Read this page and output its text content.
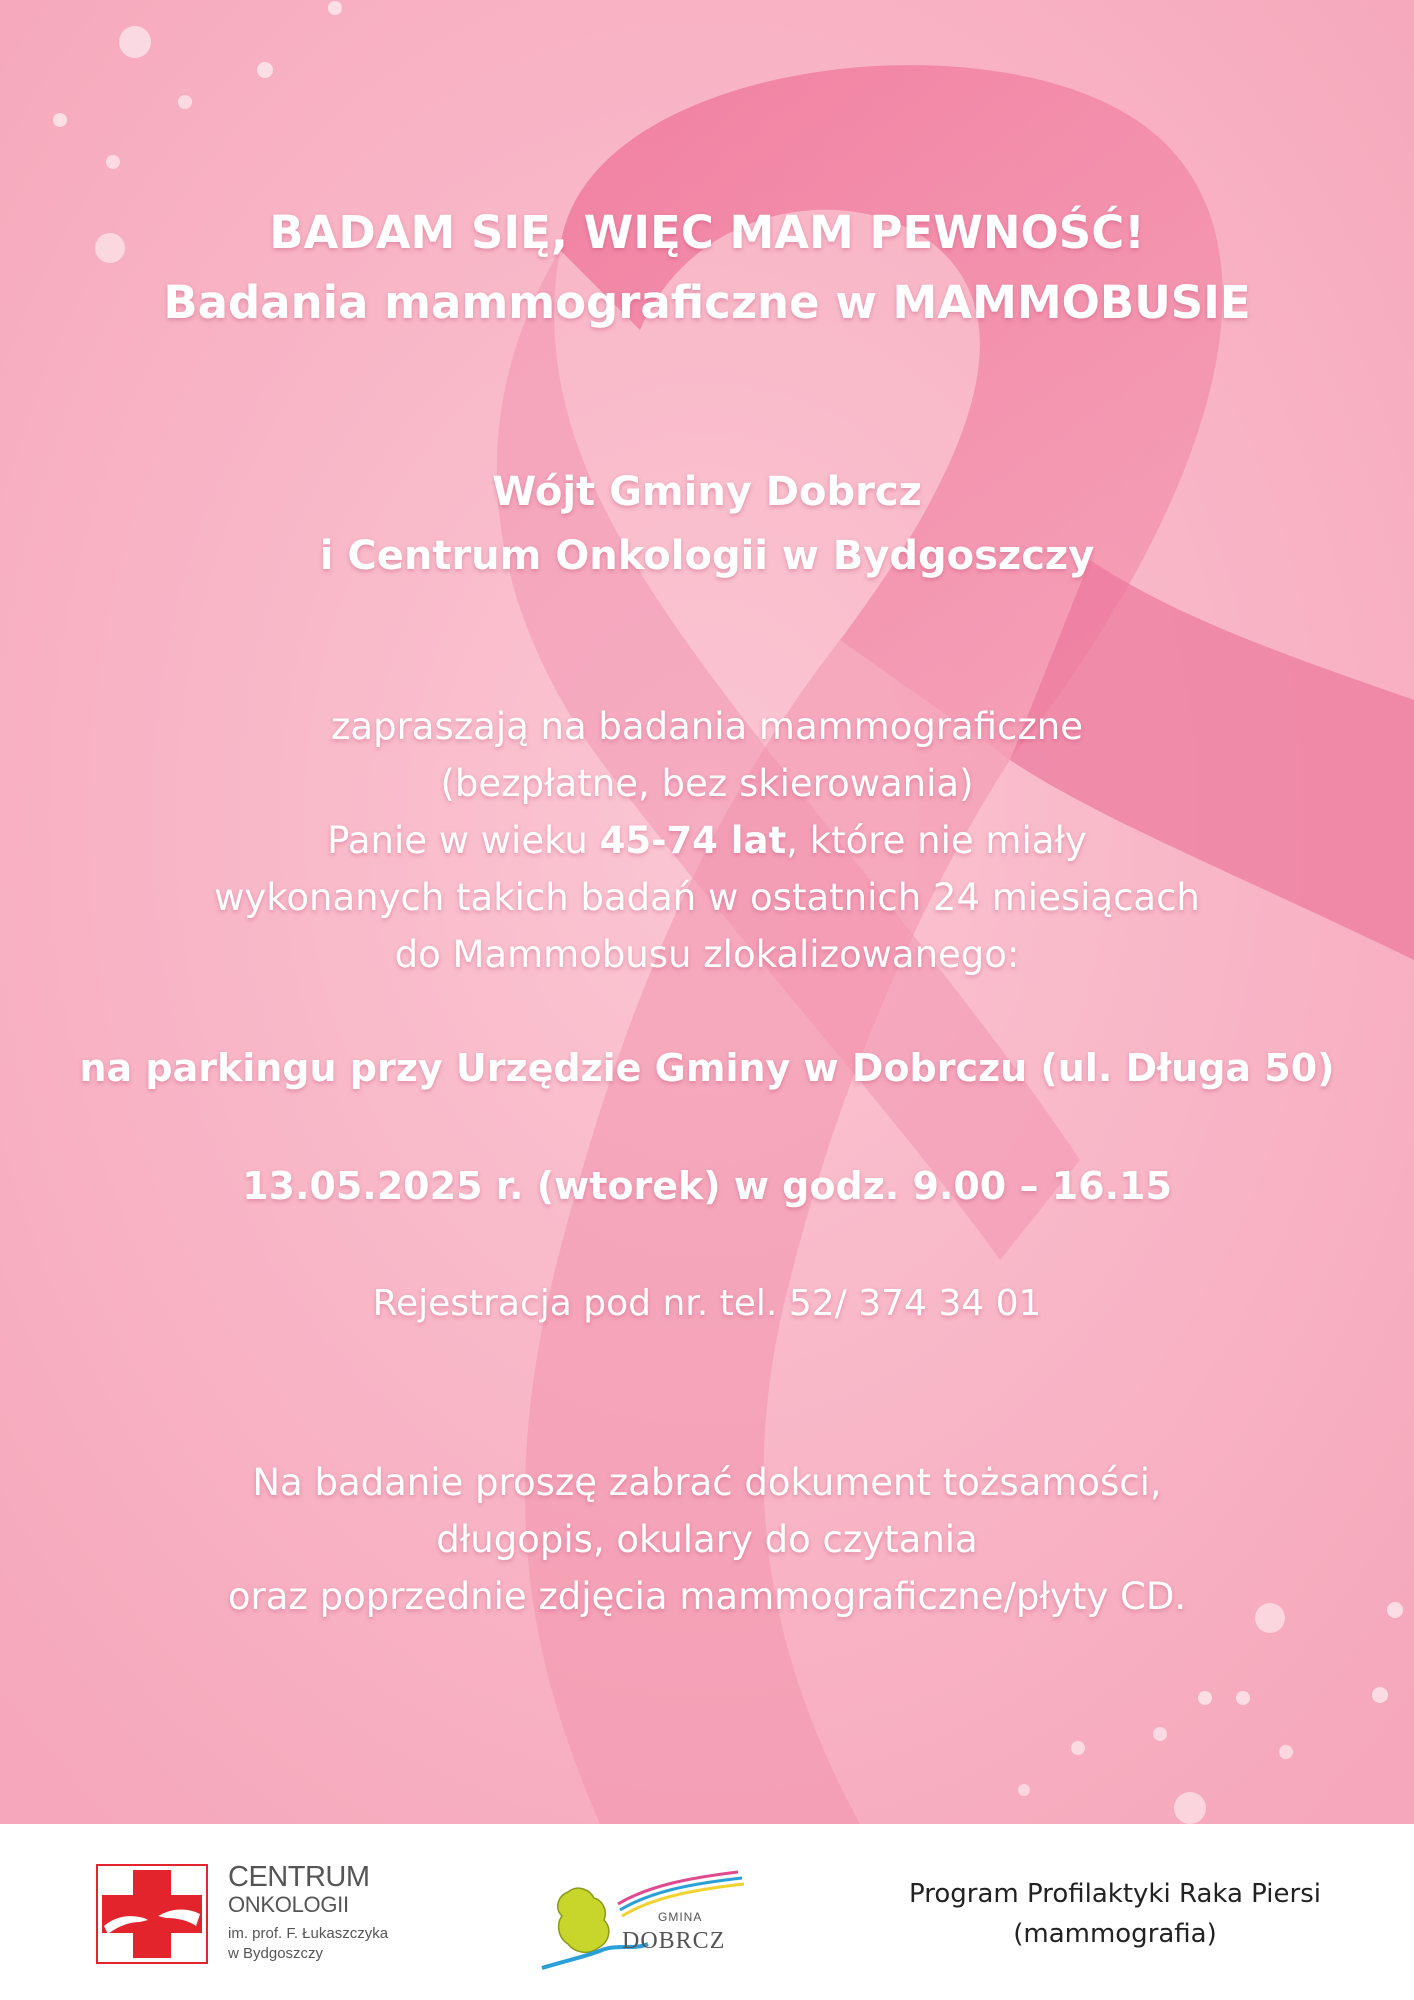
BADAM SIĘ, WIĘC MAM PEWNOŚĆ!
Badania mammograficzne w MAMMOBUSIE
Wójt Gminy Dobrcz
i Centrum Onkologii w Bydgoszczy
zapraszają na badania mammograficzne
(bezpłatne, bez skierowania)
Panie w wieku 45-74 lat, które nie miały
wykonanych takich badań w ostatnich 24 miesiącach
do Mammobusu zlokalizowanego:
na parkingu przy Urzędzie Gminy w Dobrczu (ul. Długa 50)
13.05.2025 r. (wtorek) w godz. 9.00 – 16.15
Rejestracja pod nr. tel. 52/ 374 34 01
Na badanie proszę zabrać dokument tożsamości,
długopis, okulary do czytania
oraz poprzednie zdjęcia mammograficzne/płyty CD.
CENTRUM
ONKOLOGII
im. prof. F. Łukaszczyka
w Bydgoszczy
GMINA
DOBRCZ
Program Profilaktyki Raka Piersi
(mammografia)
